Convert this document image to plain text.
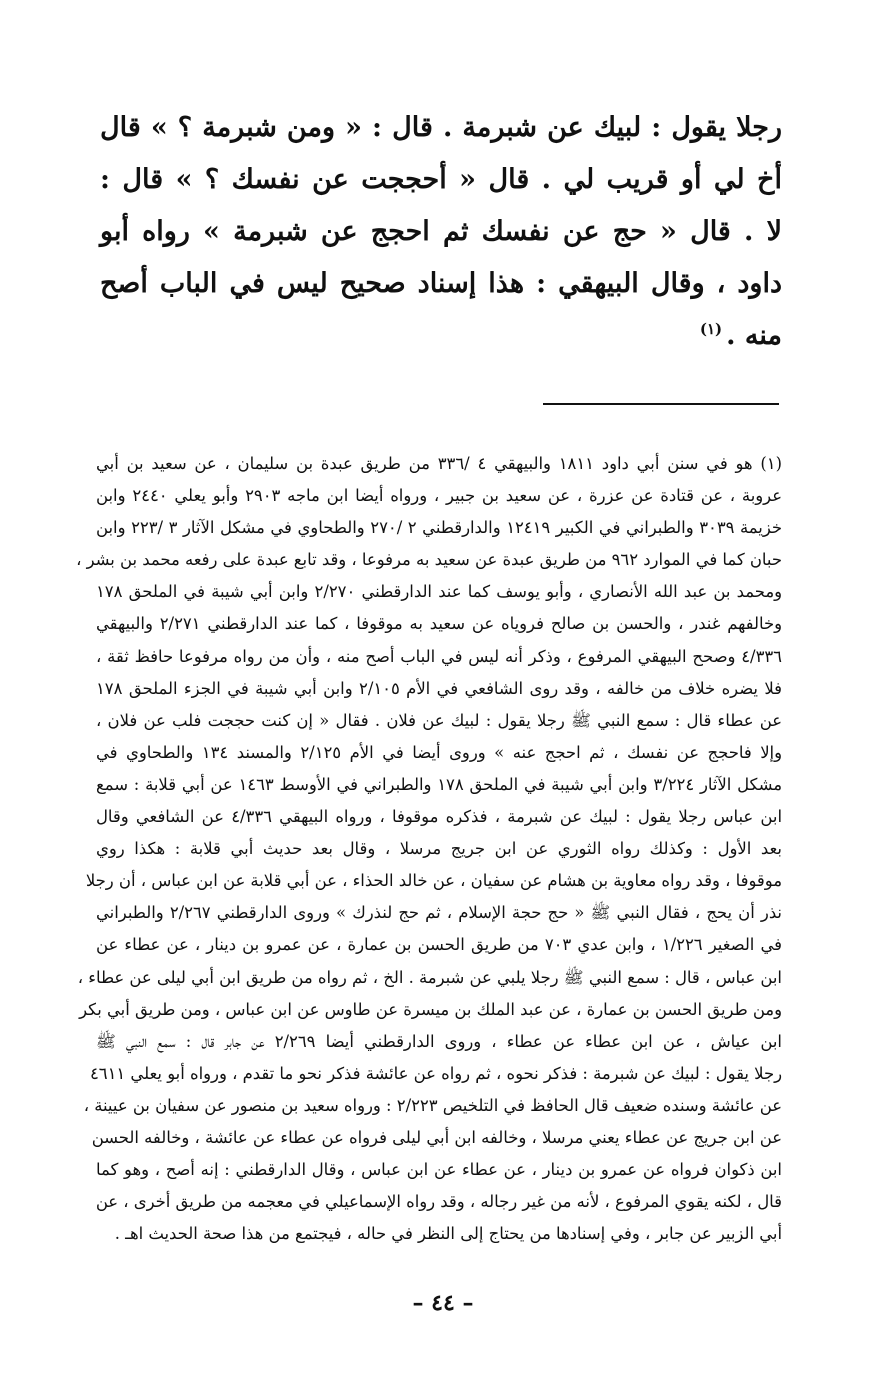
رجلا يقول : لبيك عن شبرمة . قال : « ومن شبرمة ؟ » قال
أخ لي أو قريب لي . قال « أحججت عن نفسك ؟ » قال :
لا . قال « حج عن نفسك ثم احجج عن شبرمة » رواه أبو
داود ، وقال البيهقي : هذا إسناد صحيح ليس في الباب أصح
منه .$^{(١)}$
(١) هو في سنن أبي داود ١٨١١ والبيهقي ٤ /٣٣٦ من طريق عبدة بن سليمان ، عن سعيد بن أبي
عروبة ، عن قتادة عن عزرة ، عن سعيد بن جبير ، ورواه أيضا ابن ماجه ٢٩٠٣ وأبو يعلي ٢٤٤٠ وابن
خزيمة ٣٠٣٩ والطبراني في الكبير ١٢٤١٩ والدارقطني ٢ /٢٧٠ والطحاوي في مشكل الآثار ٣ /٢٢٣ وابن
حبان كما في الموارد ٩٦٢ من طريق عبدة عن سعيد به مرفوعا ، وقد تابع عبدة على رفعه محمد بن بشر ،
ومحمد بن عبد الله الأنصاري ، وأبو يوسف كما عند الدارقطني ٢/٢٧٠ وابن أبي شيبة في الملحق ١٧٨
وخالفهم غندر ، والحسن بن صالح فروياه عن سعيد به موقوفا ، كما عند الدارقطني ٢/٢٧١ والبيهقي
٤/٣٣٦ وصحح البيهقي المرفوع ، وذكر أنه ليس في الباب أصح منه ، وأن من رواه مرفوعا حافظ ثقة ،
فلا يضره خلاف من خالفه ، وقد روى الشافعي في الأم ٢/١٠٥ وابن أبي شيبة في الجزء الملحق ١٧٨
عن عطاء قال : سمع النبي ﷺ رجلا يقول : لبيك عن فلان . فقال « إن كنت حججت فلب عن فلان ،
وإلا فاحجج عن نفسك ، ثم احجج عنه » وروى أيضا في الأم ٢/١٢٥ والمسند ١٣٤ والطحاوي في
مشكل الآثار ٣/٢٢٤ وابن أبي شيبة في الملحق ١٧٨ والطبراني في الأوسط ١٤٦٣ عن أبي قلابة : سمع
ابن عباس رجلا يقول : لبيك عن شبرمة ، فذكره موقوفا ، ورواه البيهقي ٤/٣٣٦ عن الشافعي وقال
بعد الأول : وكذلك رواه الثوري عن ابن جريج مرسلا ، وقال بعد حديث أبي قلابة : هكذا روي
موقوفا ، وقد رواه معاوية بن هشام عن سفيان ، عن خالد الحذاء ، عن أبي قلابة عن ابن عباس ، أن رجلا
نذر أن يحج ، فقال النبي ﷺ « حج حجة الإسلام ، ثم حج لنذرك » وروى الدارقطني ٢/٢٦٧ والطبراني
في الصغير ١/٢٢٦ ، وابن عدي ٧٠٣ من طريق الحسن بن عمارة ، عن عمرو بن دينار ، عن عطاء عن
ابن عباس ، قال : سمع النبي ﷺ رجلا يلبي عن شبرمة . الخ ، ثم رواه من طريق ابن أبي ليلى عن عطاء ،
ومن طريق الحسن بن عمارة ، عن عبد الملك بن ميسرة عن طاوس عن ابن عباس ، ومن طريق أبي بكر
ابن عياش ، عن ابن عطاء عن عطاء ، وروى الدارقطني أيضا ٢/٢٦٩ عن جابر قال : سمع النبي ﷺ
رجلا يقول : لبيك عن شبرمة : فذكر نحوه ، ثم رواه عن عائشة فذكر نحو ما تقدم ، ورواه أبو يعلي ٤٦١١
عن عائشة وسنده ضعيف قال الحافظ في التلخيص ٢/٢٢٣ : ورواه سعيد بن منصور عن سفيان بن عيينة ،
عن ابن جريج عن عطاء يعني مرسلا ، وخالفه ابن أبي ليلى فرواه عن عطاء عن عائشة ، وخالفه الحسن
ابن ذكوان فرواه عن عمرو بن دينار ، عن عطاء عن ابن عباس ، وقال الدارقطني : إنه أصح ، وهو كما
قال ، لكنه يقوي المرفوع ، لأنه من غير رجاله ، وقد رواه الإسماعيلي في معجمه من طريق أخرى ، عن
أبي الزبير عن جابر ، وفي إسنادها من يحتاج إلى النظر في حاله ، فيجتمع من هذا صحة الحديث اهـ .
– ٤٤ –
